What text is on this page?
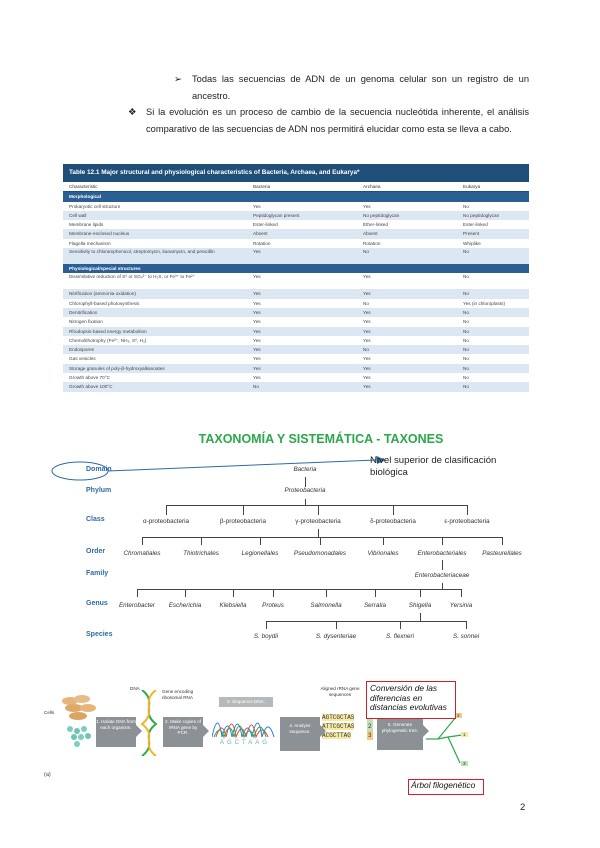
➢ Todas las secuencias de ADN de un genoma celular son un registro de un ancestro.
❖ Si la evolución es un proceso de cambio de la secuencia nucleótida inherente, el análisis comparativo de las secuencias de ADN nos permitirá elucidar como esta se lleva a cabo.
Table 12.1 Major structural and physiological characteristics of Bacteria, Archaea, and Eukarya*
Characteristic	Bacteria	Archaea	Eukarya
Morphological
Prokaryotic cell structure	Yes	Yes	No
Cell wall	Peptidoglycan present	No peptidoglycan	No peptidoglycan
Membrane lipids	Ester-linked	Ether-linked	Ester-linked
Membrane-enclosed nucleus	Absent	Absent	Present
Flagella mechanism	Rotation	Rotation	Whiplike
Sensitivity to chloramphenicol, streptomycin, kanamycin, and penicillin	Yes	No	No
Physiological/special structures
Dissimilative reduction of S⁰ or SO₄²⁻ to H₂S, or Fe³⁺ to Fe²⁺	Yes	Yes	No
Nitrification (ammonia oxidation)	Yes	Yes	No
Chlorophyll-based photosynthesis	Yes	No	Yes (in chloroplasts)
Denitrification	Yes	Yes	No
Nitrogen fixation	Yes	Yes	No
Rhodopsin-based energy metabolism	Yes	Yes	No
Chemolithotrophy (Fe²⁺, NH₃, S⁰, H₂)	Yes	Yes	No
Endospores	Yes	No	No
Gas vesicles	Yes	Yes	No
Storage granules of poly-β-hydroxyalkanoates	Yes	Yes	No
Growth above 70°C	Yes	Yes	No
Growth above 100°C	No	Yes	No
TAXONOMÍA Y SISTEMÁTICA - TAXONES
Nivel superior de clasificación biológica
Domain
Phylum
Class
Order
Family
Genus
Species
Bacteria
Proteobacteria
α-proteobacteria	β-proteobacteria	γ-proteobacteria	δ-proteobacteria	ε-proteobacteria
Chromatiales	Thiotrichales	Legionellales Pseudomonadales	Vibrionales	Enterobacteriales Pasteurellales
Enterobacteriaceae
Enterobacter Escherichia	Klebsiella Proteus	Salmonella	Serratia	Shigella	Yersinia
S. boydii	S. dysenteriae	S. flexneri	S. sonnei
Cells
1. Isolate DNA from each organism.
DNA
Gene encoding ribosomal RNA
2. Make copies of rRNA gene by PCR.
3. Sequence DNA.
AGCTAAG
4. Analyze sequence.
Aligned rRNA gene sequences
AGTCGCTAS
ATTCGCTAS 2
ACGCTTAG	3
5. Generate phylogenetic tree.
2
1
3
Conversión de las diferencias en distancias evolutivas
Árbol filogenético
(a)
2
